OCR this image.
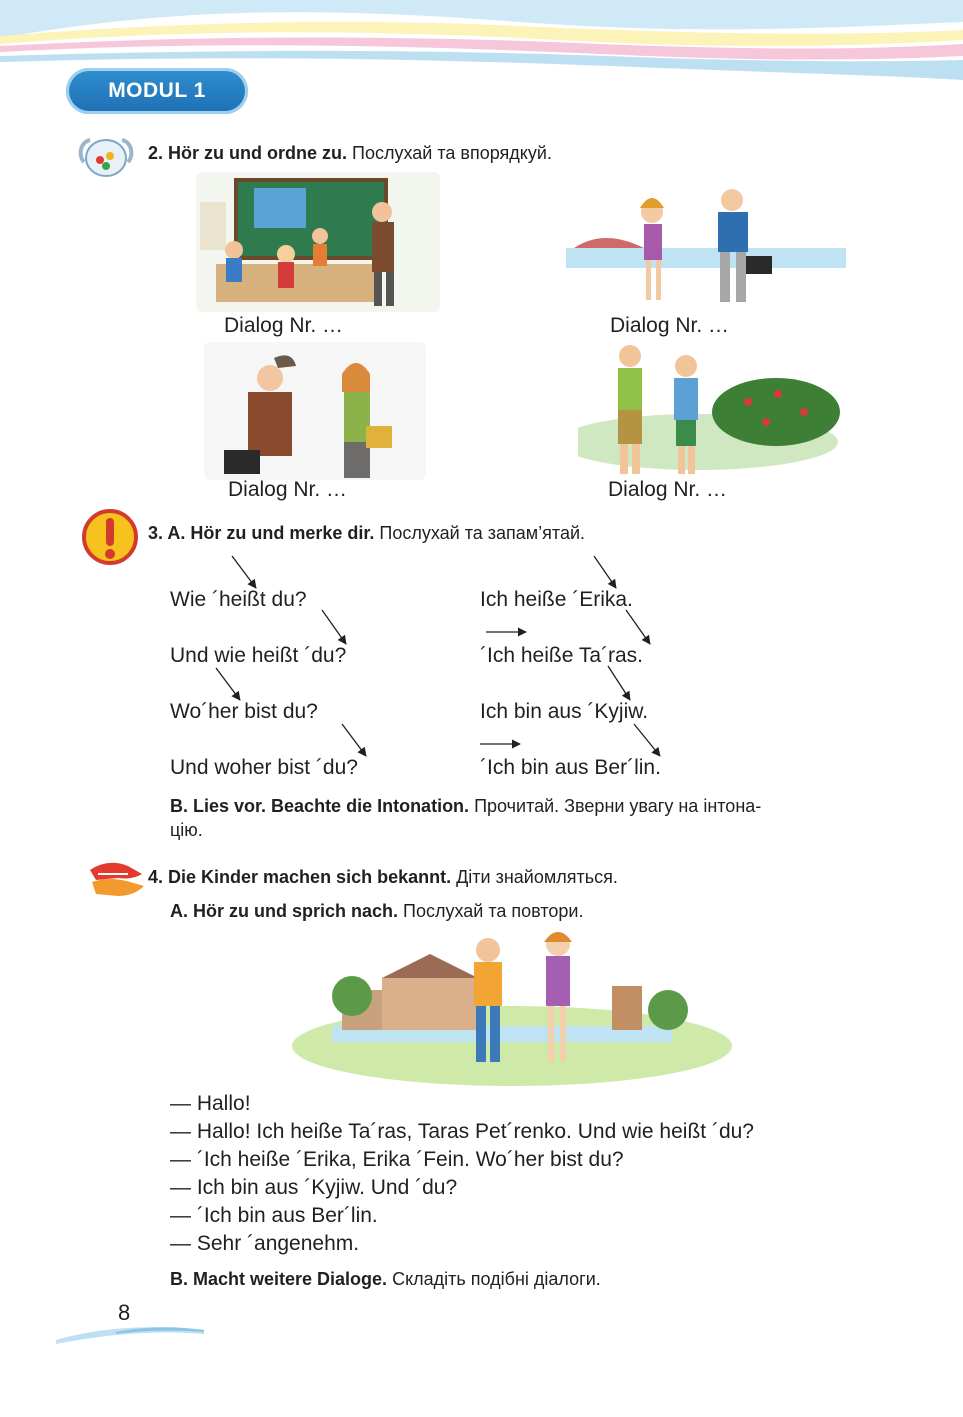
MODUL 1
2. Hör zu und ordne zu. Послухай та впорядкуй.
Dialog Nr. …	Dialog Nr. …
Dialog Nr. …	Dialog Nr. …
3. A. Hör zu und merke dir. Послухай та запам’ятай.
Wie ´heißt du?
Und wie heißt ´du?
Wo´her bist du?
Und woher bist ´du?
Ich heiße ´Erika.
´Ich heiße Ta´ras.
Ich bin aus ´Kyjiw.
´Ich bin aus Ber´lin.
B. Lies vor. Beachte die Intonation. Прочитай. Зверни увагу на інтона-
цію.
4. Die Kinder machen sich bekannt. Діти знайомляться.
A. Hör zu und sprich nach. Послухай та повтори.
— Hallo!
— Hallo! Ich heiße Ta´ras, Taras Pet´renko. Und wie heißt ´du?
— ´Ich heiße ´Erika, Erika ´Fein. Wo´her bist du?
— Ich bin aus ´Kyjiw. Und ´du?
— ´Ich bin aus Ber´lin.
— Sehr ´angenehm.
B. Macht weitere Dialoge. Складіть подібні діалоги.
8
